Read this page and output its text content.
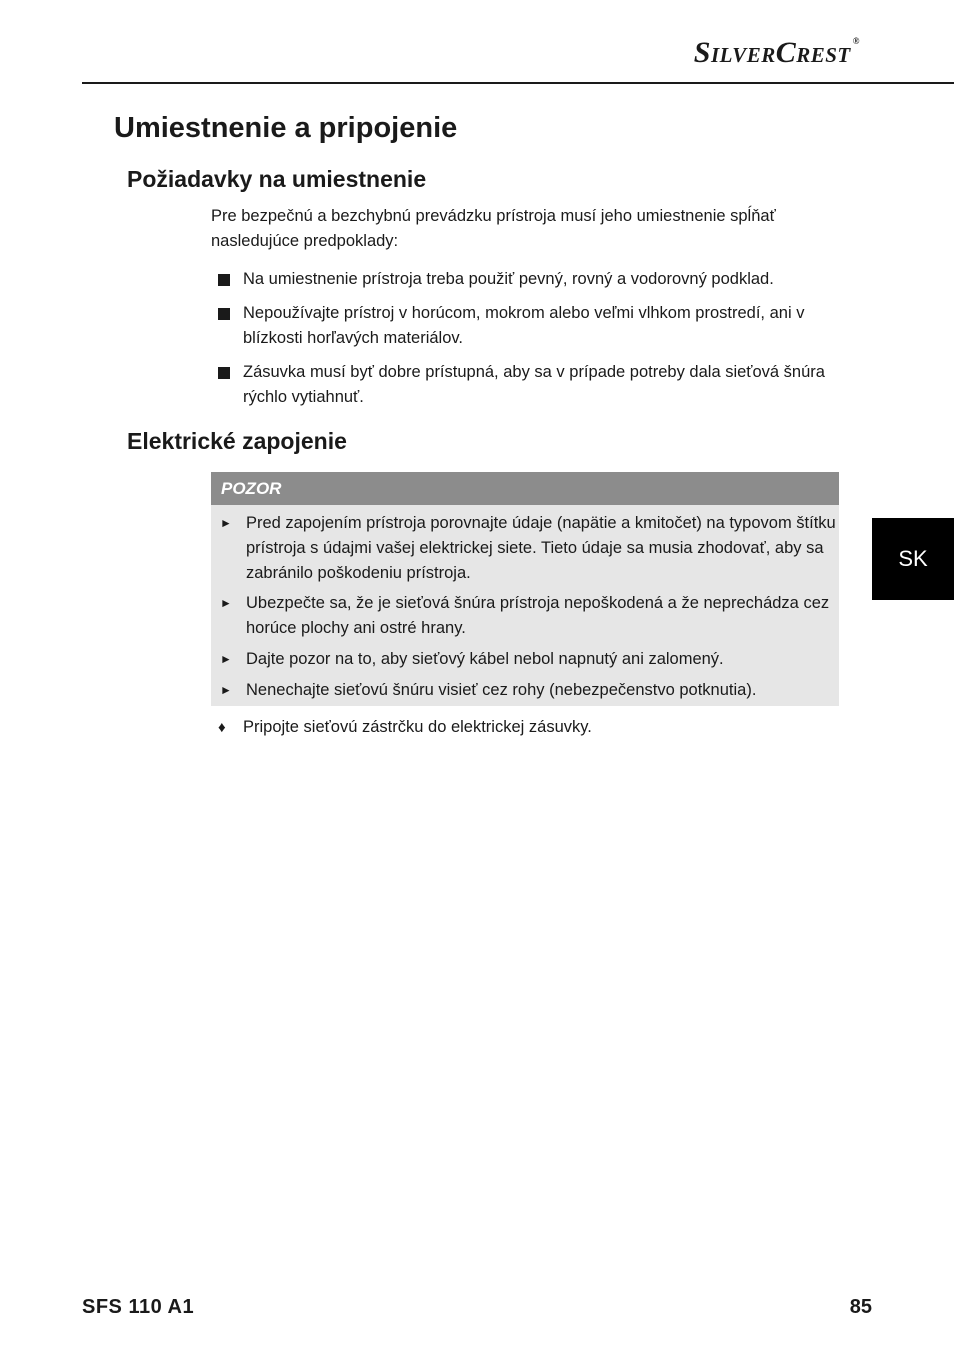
SilverCrest ®
Umiestnenie a pripojenie
Požiadavky na umiestnenie

Pre bezpečnú a bezchybnú prevádzku prístroja musí jeho umiestnenie spĺňať nasledujúce predpoklady:

Na umiestnenie prístroja treba použiť pevný, rovný a vodorovný podklad.
Nepoužívajte prístroj v horúcom, mokrom alebo veľmi vlhkom prostredí, ani v blízkosti horľavých materiálov.
Zásuvka musí byť dobre prístupná, aby sa v prípade potreby dala sieťová šnúra rýchlo vytiahnuť.
Elektrické zapojenie
POZOR
► Pred zapojením prístroja porovnajte údaje (napätie a kmitočet) na typovom štítku prístroja s údajmi vašej elektrickej siete. Tieto údaje sa musia zhodovať, aby sa zabránilo poškodeniu prístroja.
► Ubezpečte sa, že je sieťová šnúra prístroja nepoškodená a že neprechádza cez horúce plochy ani ostré hrany.
► Dajte pozor na to, aby sieťový kábel nebol napnutý ani zalomený.
► Nenechajte sieťovú šnúru visieť cez rohy (nebezpečenstvo potknutia).
♦ Pripojte sieťovú zástrčku do elektrickej zásuvky.
SK
SFS 110 A1	85
